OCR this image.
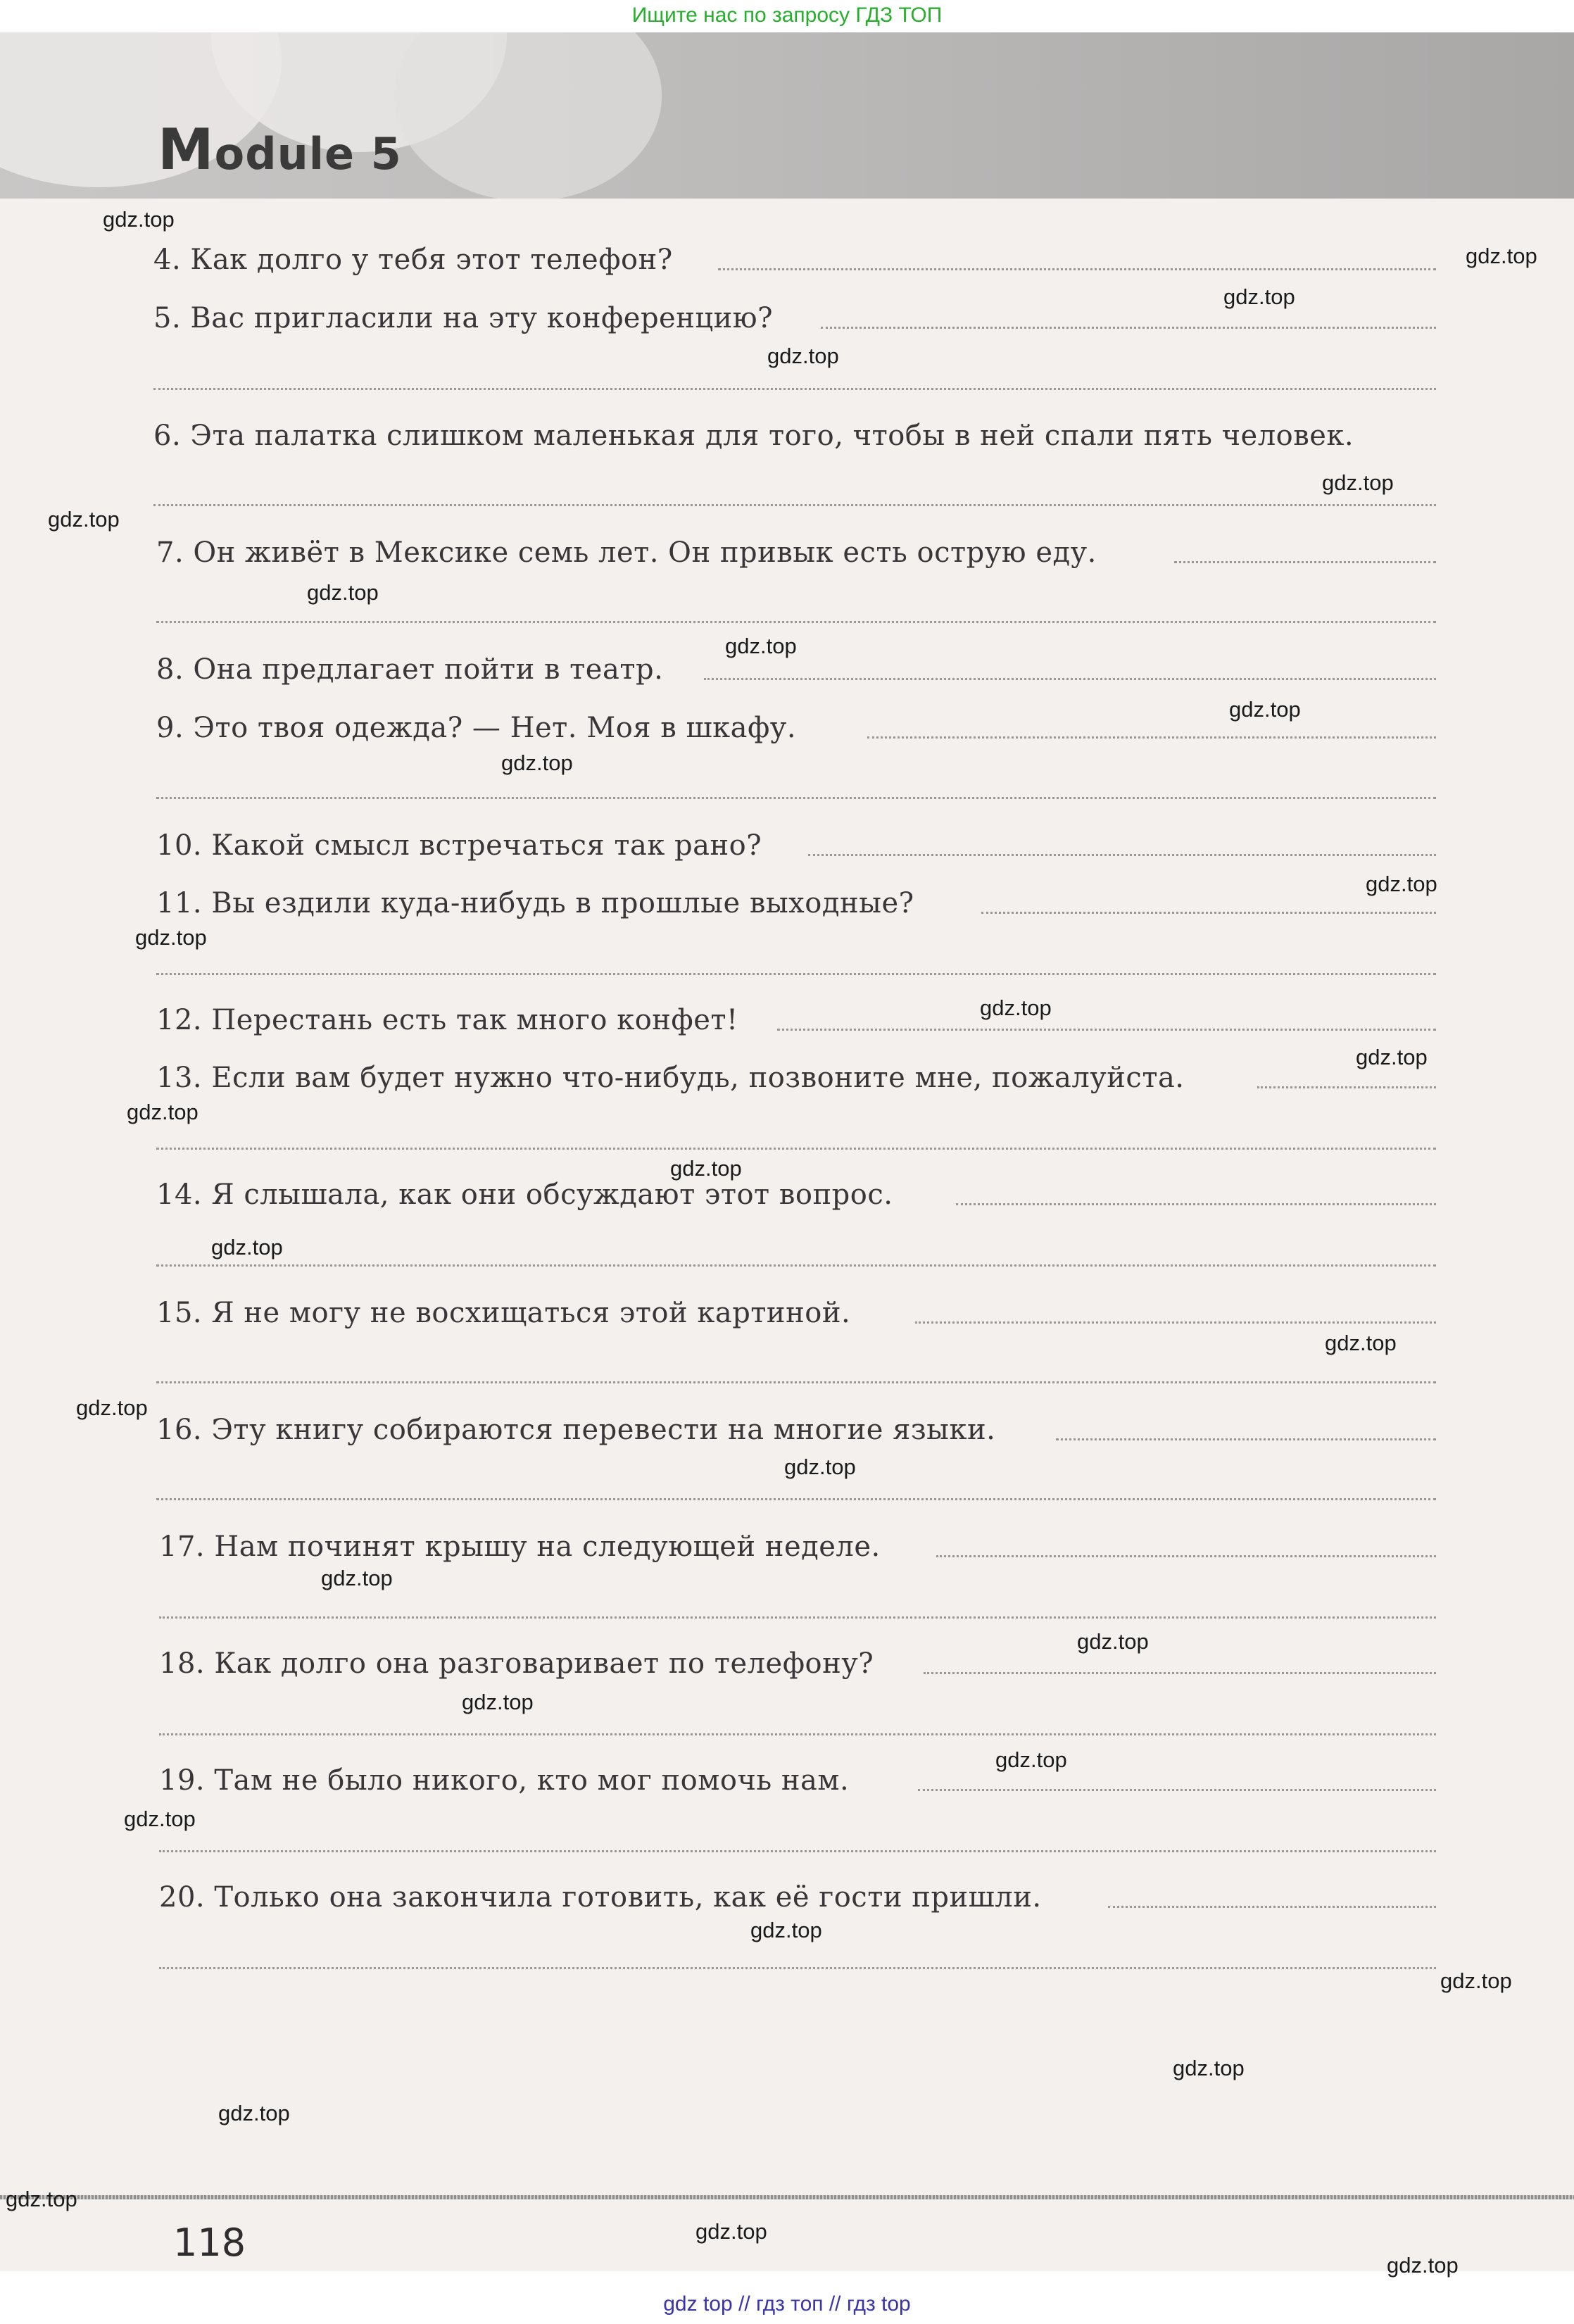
Ищите нас по запросу ГДЗ ТОП
Module 5
4. Как долго у тебя этот телефон?
5. Вас пригласили на эту конференцию?
6. Эта палатка слишком маленькая для того, чтобы в ней спали пять человек.
7. Он живёт в Мексике семь лет. Он привык есть острую еду.
8. Она предлагает пойти в театр.
9. Это твоя одежда? — Нет. Моя в шкафу.
10. Какой смысл встречаться так рано?
11. Вы ездили куда-нибудь в прошлые выходные?
12. Перестань есть так много конфет!
13. Если вам будет нужно что-нибудь, позвоните мне, пожалуйста.
14. Я слышала, как они обсуждают этот вопрос.
15. Я не могу не восхищаться этой картиной.
16. Эту книгу собираются перевести на многие языки.
17. Нам починят крышу на следующей неделе.
18. Как долго она разговаривает по телефону?
19. Там не было никого, кто мог помочь нам.
20. Только она закончила готовить, как её гости пришли.
118
gdz.top
gdz.top
gdz.top
gdz.top
gdz.top
gdz.top
gdz.top
gdz.top
gdz.top
gdz.top
gdz.top
gdz.top
gdz.top
gdz.top
gdz.top
gdz.top
gdz.top
gdz.top
gdz.top
gdz.top
gdz.top
gdz.top
gdz.top
gdz.top
gdz.top
gdz.top
gdz.top
gdz.top
gdz.top
gdz.top
gdz.top
gdz.top
gdz top // гдз топ // гдз top
